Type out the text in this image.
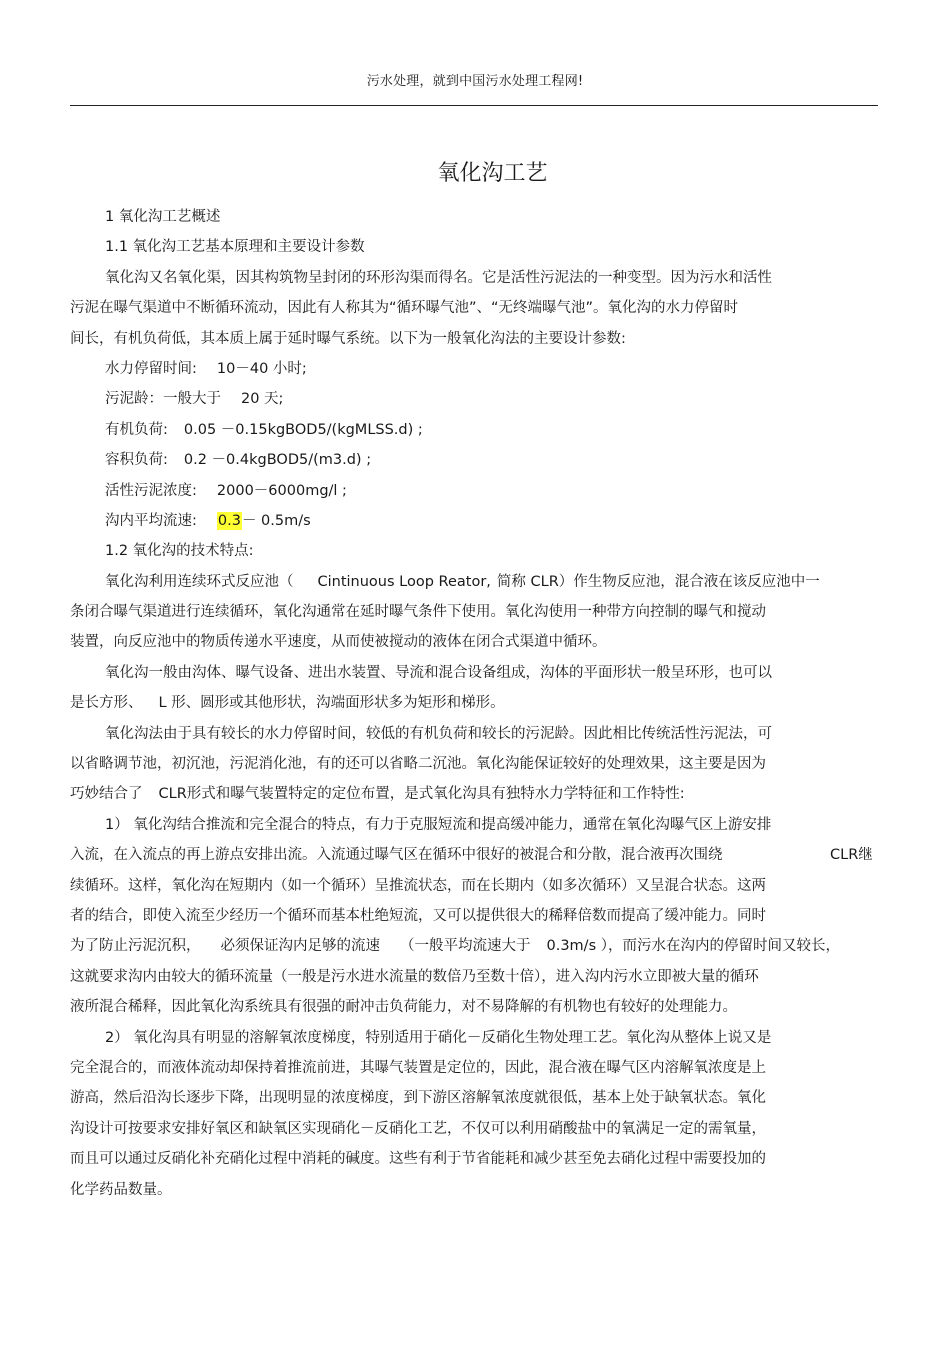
污水处理，就到中国污水处理工程网!
氧化沟工艺
1 氧化沟工艺概述
1.1 氧化沟工艺基本原理和主要设计参数
氧化沟又名氧化渠，因其构筑物呈封闭的环形沟渠而得名。它是活性污泥法的一种变型。因为污水和活性
污泥在曝气渠道中不断循环流动，因此有人称其为“循环曝气池”、“无终端曝气池”。氧化沟的水力停留时
间长，有机负荷低，其本质上属于延时曝气系统。以下为一般氧化沟法的主要设计参数:
水力停留时间: 10－40 小时;
污泥龄：一般大于 20 天;
有机负荷: 0.05 －0.15kgBOD5/(kgMLSS.d) ;
容积负荷: 0.2 －0.4kgBOD5/(m3.d) ;
活性污泥浓度: 2000－6000mg/l ;
沟内平均流速: 0.3－ 0.5m/s
1.2 氧化沟的技术特点:
氧化沟利用连续环式反应池（ Cintinuous Loop Reator, 简称 CLR）作生物反应池，混合液在该反应池中一
条闭合曝气渠道进行连续循环，氧化沟通常在延时曝气条件下使用。氧化沟使用一种带方向控制的曝气和搅动
装置，向反应池中的物质传递水平速度，从而使被搅动的液体在闭合式渠道中循环。
氧化沟一般由沟体、曝气设备、进出水装置、导流和混合设备组成，沟体的平面形状一般呈环形，也可以
是长方形、 L 形、圆形或其他形状，沟端面形状多为矩形和梯形。
氧化沟法由于具有较长的水力停留时间，较低的有机负荷和较长的污泥龄。因此相比传统活性污泥法，可
以省略调节池，初沉池，污泥消化池，有的还可以省略二沉池。氧化沟能保证较好的处理效果，这主要是因为
巧妙结合了 CLR形式和曝气装置特定的定位布置，是式氧化沟具有独特水力学特征和工作特性:
1） 氧化沟结合推流和完全混合的特点，有力于克服短流和提高缓冲能力，通常在氧化沟曝气区上游安排
入流，在入流点的再上游点安排出流。入流通过曝气区在循环中很好的被混合和分散，混合液再次围绕	CLR继
续循环。这样，氧化沟在短期内（如一个循环）呈推流状态，而在长期内（如多次循环）又呈混合状态。这两
者的结合，即使入流至少经历一个循环而基本杜绝短流，又可以提供很大的稀释倍数而提高了缓冲能力。同时
为了防止污泥沉积， 必须保证沟内足够的流速 （一般平均流速大于 0.3m/s ），而污水在沟内的停留时间又较长，
这就要求沟内由较大的循环流量（一般是污水进水流量的数倍乃至数十倍），进入沟内污水立即被大量的循环
液所混合稀释，因此氧化沟系统具有很强的耐冲击负荷能力，对不易降解的有机物也有较好的处理能力。
2） 氧化沟具有明显的溶解氧浓度梯度，特别适用于硝化－反硝化生物处理工艺。氧化沟从整体上说又是
完全混合的，而液体流动却保持着推流前进，其曝气装置是定位的，因此，混合液在曝气区内溶解氧浓度是上
游高，然后沿沟长逐步下降，出现明显的浓度梯度，到下游区溶解氧浓度就很低，基本上处于缺氧状态。氧化
沟设计可按要求安排好氧区和缺氧区实现硝化－反硝化工艺，不仅可以利用硝酸盐中的氧满足一定的需氧量，
而且可以通过反硝化补充硝化过程中消耗的碱度。这些有利于节省能耗和减少甚至免去硝化过程中需要投加的
化学药品数量。
